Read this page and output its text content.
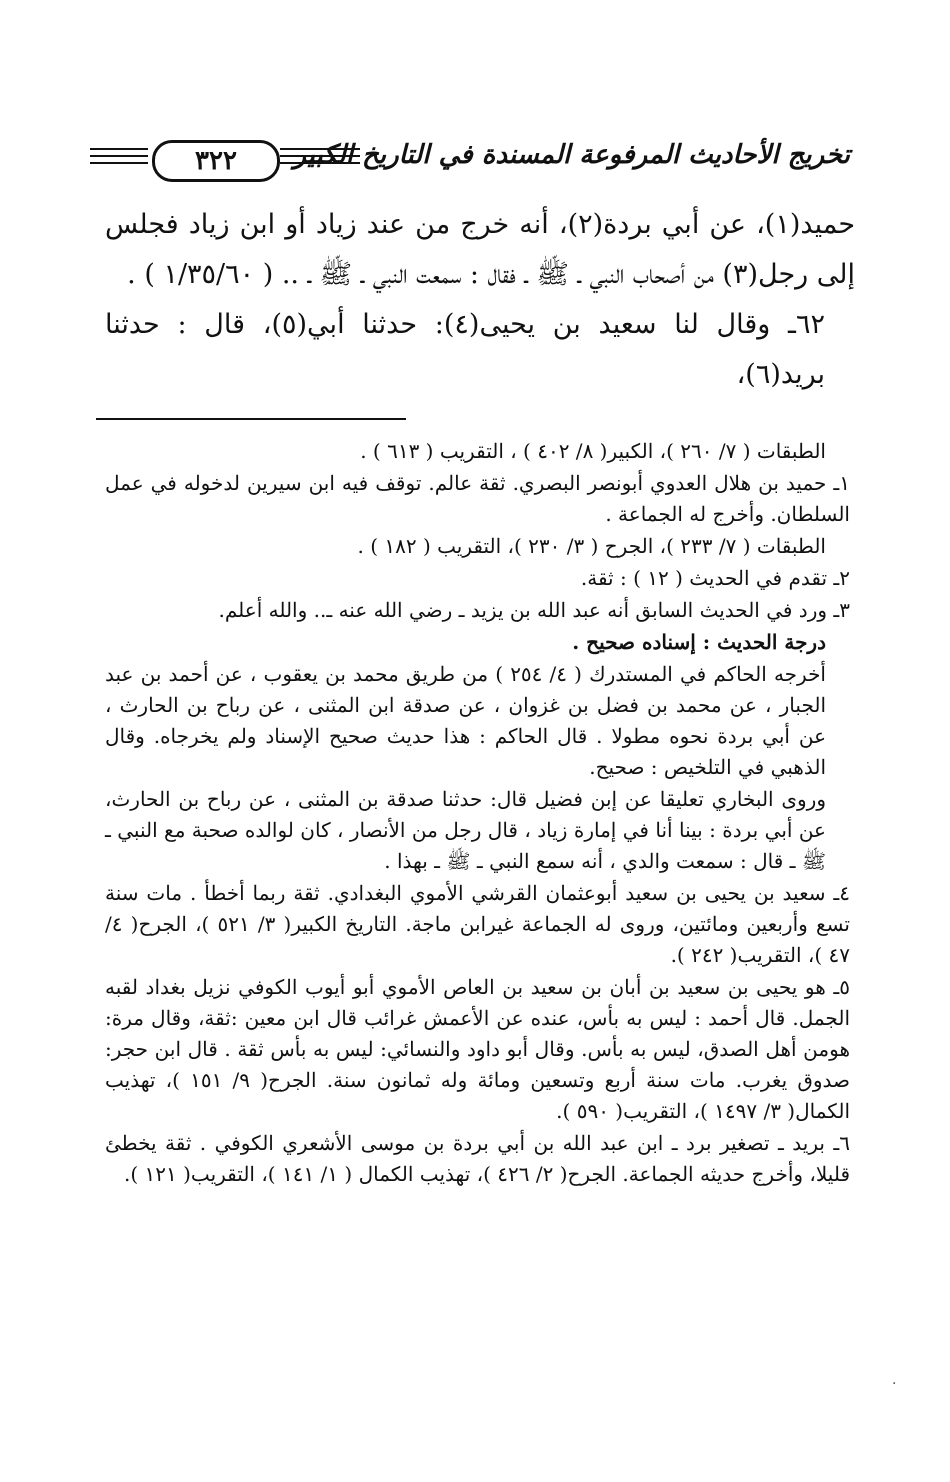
٣٢٢ تخريج الأحاديث المرفوعة المسندة في التاريخ الكبير

حميد(١)، عن أبي بردة(٢)، أنه خرج من عند زياد أو ابن زياد فجلس إلى رجل(٣) من أصحاب النبي ـ ﷺ ـ فقال : سمعت النبي ـ ﷺ ـ .. ( ١/٣٥/٦٠ ) .

٦٢ـ وقال لنا سعيد بن يحيى(٤): حدثنا أبي(٥)، قال : حدثنا بريد(٦)،

الطبقات ( ٧/ ٢٦٠ )، الكبير( ٨/ ٤٠٢ ) ، التقريب ( ٦١٣ ) .

١ـ حميد بن هلال العدوي أبونصر البصري. ثقة عالم. توقف فيه ابن سيرين لدخوله في عمل السلطان. وأخرج له الجماعة .

الطبقات ( ٧/ ٢٣٣ )، الجرح ( ٣/ ٢٣٠ )، التقريب ( ١٨٢ ) .

٢ـ تقدم في الحديث ( ١٢ ) : ثقة.

٣ـ ورد في الحديث السابق أنه عبد الله بن يزيد ـ رضي الله عنه ـ.. والله أعلم.

درجة الحديث : إسناده صحيح .

أخرجه الحاكم في المستدرك ( ٤/ ٢٥٤ ) من طريق محمد بن يعقوب ، عن أحمد بن عبد الجبار ، عن محمد بن فضل بن غزوان ، عن صدقة ابن المثنى ، عن رباح بن الحارث ، عن أبي بردة نحوه مطولا . قال الحاكم : هذا حديث صحيح الإسناد ولم يخرجاه. وقال الذهبي في التلخيص : صحيح.

وروى البخاري تعليقا عن إبن فضيل قال: حدثنا صدقة بن المثنى ، عن رباح بن الحارث، عن أبي بردة : بينا أنا في إمارة زياد ، قال رجل من الأنصار ، كان لوالده صحبة مع النبي ـ ﷺ ـ قال : سمعت والدي ، أنه سمع النبي ـ ﷺ ـ بهذا .

٤ـ سعيد بن يحيى بن سعيد أبوعثمان القرشي الأموي البغدادي. ثقة ربما أخطأ . مات سنة تسع وأربعين ومائتين، وروى له الجماعة غيرابن ماجة. التاريخ الكبير( ٣/ ٥٢١ )، الجرح( ٤/ ٤٧ )، التقريب( ٢٤٢ ).

٥ـ هو يحيى بن سعيد بن أبان بن سعيد بن العاص الأموي أبو أيوب الكوفي نزيل بغداد لقبه الجمل. قال أحمد : ليس به بأس، عنده عن الأعمش غرائب قال ابن معين :ثقة، وقال مرة: هومن أهل الصدق، ليس به بأس. وقال أبو داود والنسائي: ليس به بأس ثقة . قال ابن حجر: صدوق يغرب. مات سنة أربع وتسعين ومائة وله ثمانون سنة. الجرح( ٩/ ١٥١ )، تهذيب الكمال( ٣/ ١٤٩٧ )، التقريب( ٥٩٠ ).

٦ـ بريد ـ تصغير برد ـ ابن عبد الله بن أبي بردة بن موسى الأشعري الكوفي . ثقة يخطئ قليلا، وأخرج حديثه الجماعة. الجرح( ٢/ ٤٢٦ )، تهذيب الكمال ( ١/ ١٤١ )، التقريب( ١٢١ ).

·
